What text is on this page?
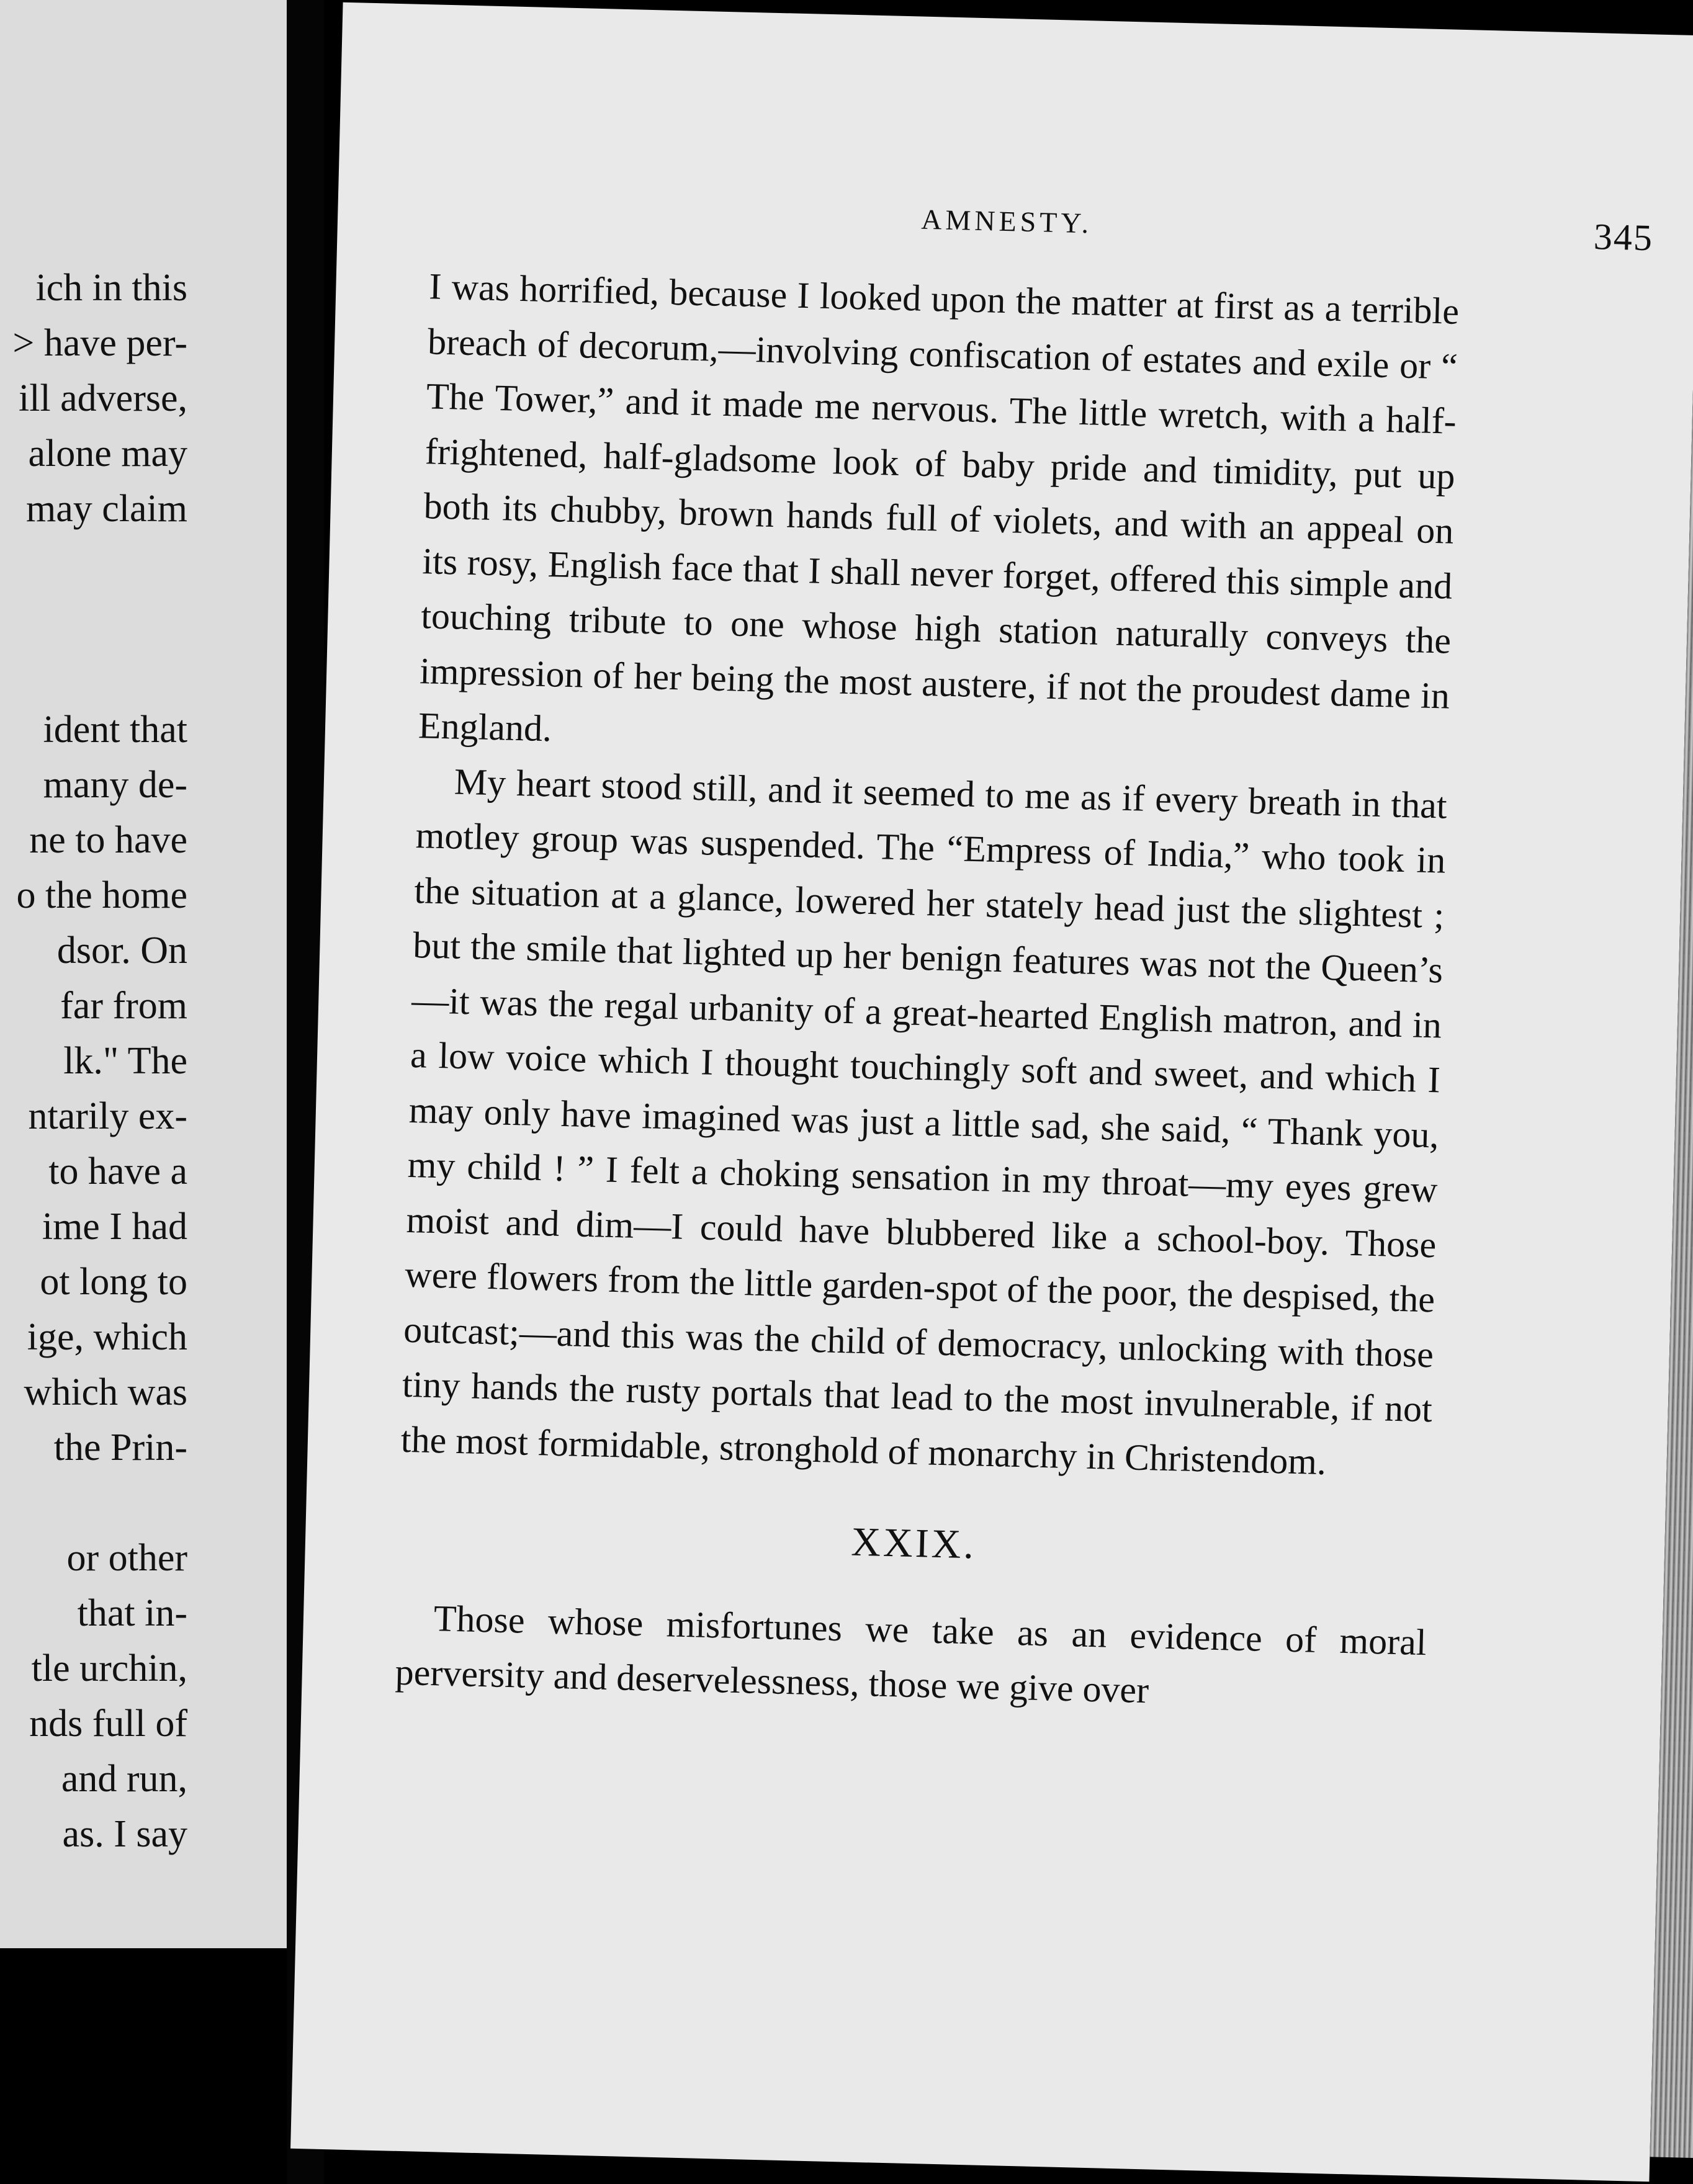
ich in this
> have per-
ill adverse,
alone may
may claim
ident that
many de-
ne to have
o the home
dsor. On
far from
lk." The
ntarily ex-
to have a
ime I had
ot long to
ige, which
which was
the Prin-
or other
that in-
tle urchin,
nds full of
and run,
as. I say
AMNESTY.	345

I was horrified, because I looked upon the matter at first as a terrible breach of decorum,—involving confiscation of estates and exile or “ The Tower,” and it made me nervous. The little wretch, with a half-frightened, half-gladsome look of baby pride and timidity, put up both its chubby, brown hands full of violets, and with an appeal on its rosy, English face that I shall never forget, offered this simple and touching tribute to one whose high station naturally conveys the impression of her being the most austere, if not the proudest dame in England.

My heart stood still, and it seemed to me as if every breath in that motley group was suspended. The “Empress of India,” who took in the situation at a glance, lowered her stately head just the slightest ; but the smile that lighted up her benign features was not the Queen’s—it was the regal urbanity of a great-hearted English matron, and in a low voice which I thought touchingly soft and sweet, and which I may only have imagined was just a little sad, she said, “ Thank you, my child ! ” I felt a choking sensation in my throat—my eyes grew moist and dim—I could have blubbered like a school-boy. Those were flowers from the little garden-spot of the poor, the despised, the outcast;—and this was the child of democracy, unlocking with those tiny hands the rusty portals that lead to the most invulnerable, if not the most formidable, stronghold of monarchy in Christendom.

XXIX.

Those whose misfortunes we take as an evidence of moral perversity and deservelessness, those we give over
